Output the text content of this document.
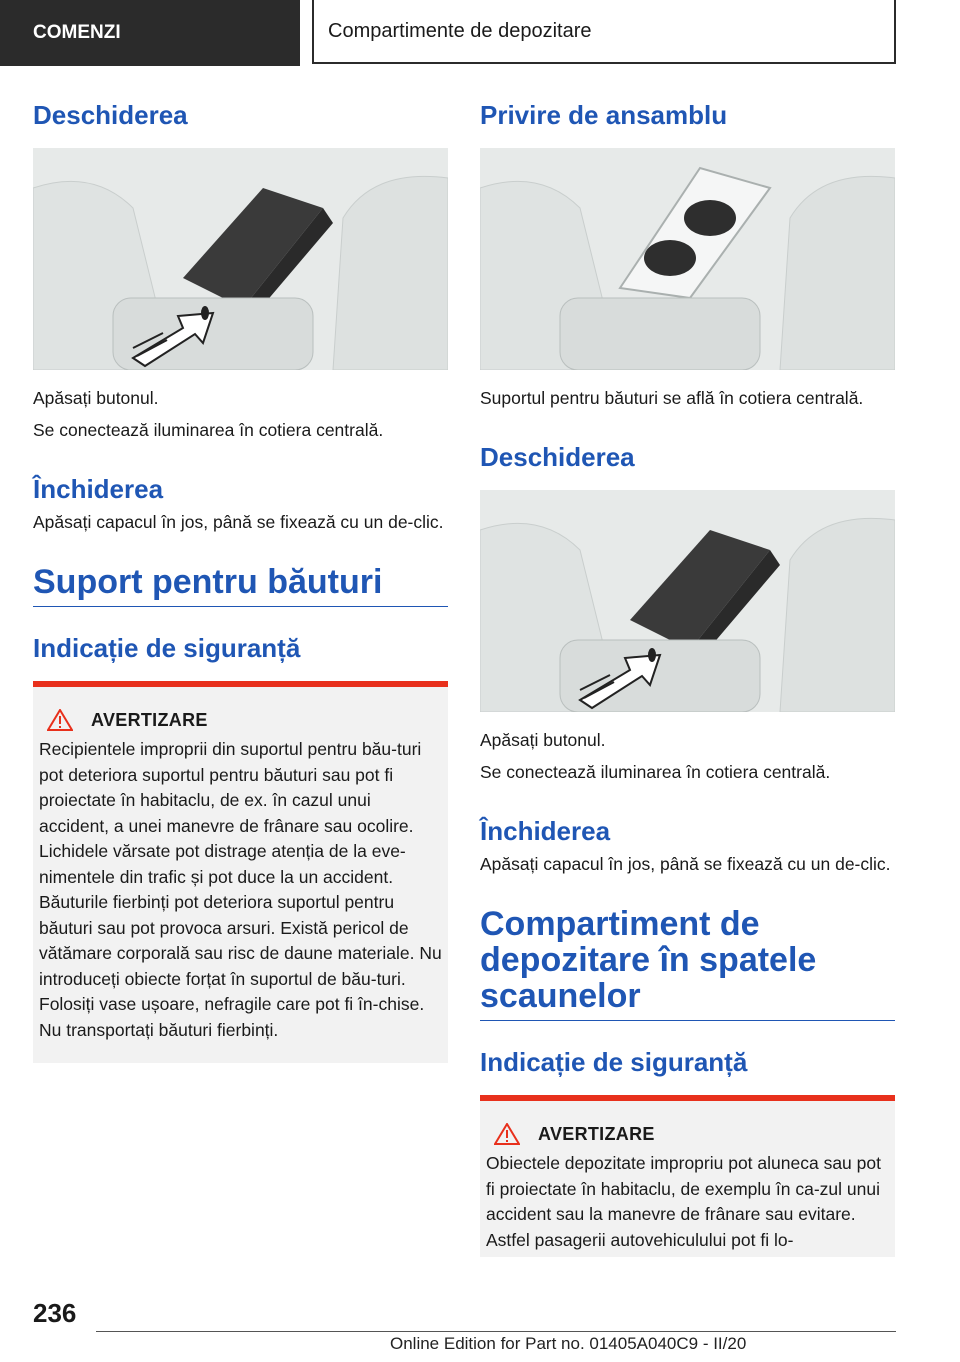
COMENZI	Compartimente de depozitare
Deschiderea

Apăsați butonul.

Se conectează iluminarea în cotiera centrală.

Închiderea

Apăsați capacul în jos, până se fixează cu un de-clic.

Suport pentru băuturi
Indicație de siguranță
AVERTIZARE
Recipientele improprii din suportul pentru bău-turi pot deteriora suportul pentru băuturi sau pot fi proiectate în habitaclu, de ex. în cazul unui accident, a unei manevre de frânare sau ocolire. Lichidele vărsate pot distrage atenția de la eve-nimentele din trafic și pot duce la un accident. Băuturile fierbinți pot deteriora suportul pentru băuturi sau pot provoca arsuri. Există pericol de vătămare corporală sau risc de daune materiale. Nu introduceți obiecte forțat în suportul de bău-turi. Folosiți vase ușoare, nefragile care pot fi în-chise. Nu transportați băuturi fierbinți.
Privire de ansamblu

Suportul pentru băuturi se află în cotiera centrală.

Deschiderea

Apăsați butonul.

Se conectează iluminarea în cotiera centrală.

Închiderea

Apăsați capacul în jos, până se fixează cu un de-clic.

Compartiment de depozitare în spatele scaunelor
Indicație de siguranță
AVERTIZARE
Obiectele depozitate impropriu pot aluneca sau pot fi proiectate în habitaclu, de exemplu în ca-zul unui accident sau la manevre de frânare sau evitare. Astfel pasagerii autovehiculului pot fi lo-
236
Online Edition for Part no. 01405A040C9 - II/20
